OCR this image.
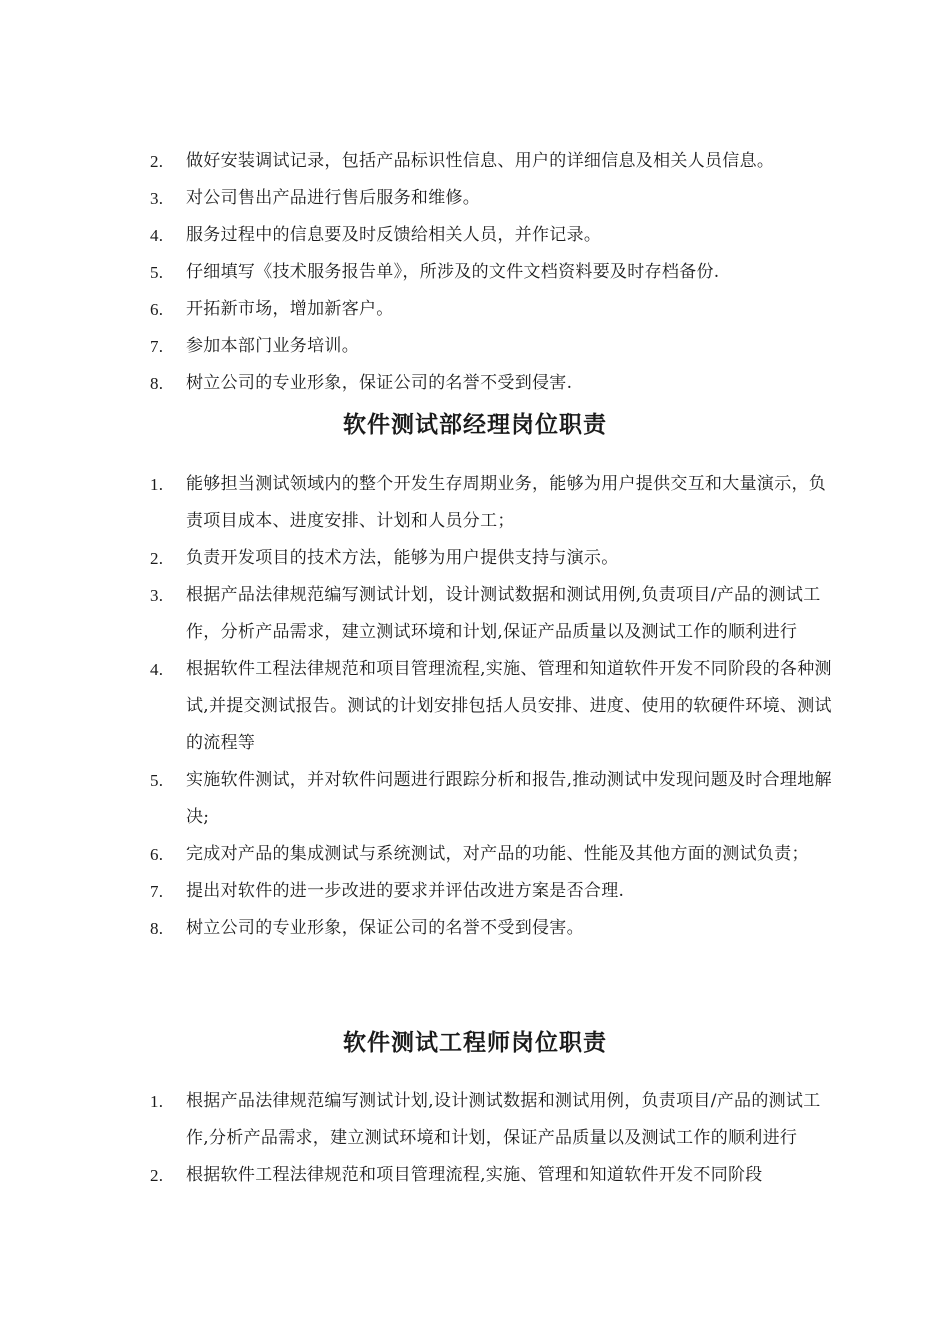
2.	做好安装调试记录，包括产品标识性信息、用户的详细信息及相关人员信息。
3.	对公司售出产品进行售后服务和维修。
4.	服务过程中的信息要及时反馈给相关人员，并作记录。
5.	仔细填写《技术服务报告单》，所涉及的文件文档资料要及时存档备份.
6.	开拓新市场，增加新客户。
7.	参加本部门业务培训。
8.	树立公司的专业形象，保证公司的名誉不受到侵害.
软件测试部经理岗位职责
1.	能够担当测试领域内的整个开发生存周期业务，能够为用户提供交互和大量演示，负责项目成本、进度安排、计划和人员分工；
2.	负责开发项目的技术方法，能够为用户提供支持与演示。
3.	根据产品法律规范编写测试计划，设计测试数据和测试用例,负责项目/产品的测试工作，分析产品需求，建立测试环境和计划,保证产品质量以及测试工作的顺利进行
4.	根据软件工程法律规范和项目管理流程,实施、管理和知道软件开发不同阶段的各种测试,并提交测试报告。测试的计划安排包括人员安排、进度、使用的软硬件环境、测试的流程等
5.	实施软件测试，并对软件问题进行跟踪分析和报告,推动测试中发现问题及时合理地解决;
6.	完成对产品的集成测试与系统测试，对产品的功能、性能及其他方面的测试负责；
7.	提出对软件的进一步改进的要求并评估改进方案是否合理.
8.	树立公司的专业形象，保证公司的名誉不受到侵害。
软件测试工程师岗位职责
1.	根据产品法律规范编写测试计划,设计测试数据和测试用例，负责项目/产品的测试工作,分析产品需求，建立测试环境和计划，保证产品质量以及测试工作的顺利进行
2.	根据软件工程法律规范和项目管理流程,实施、管理和知道软件开发不同阶段
